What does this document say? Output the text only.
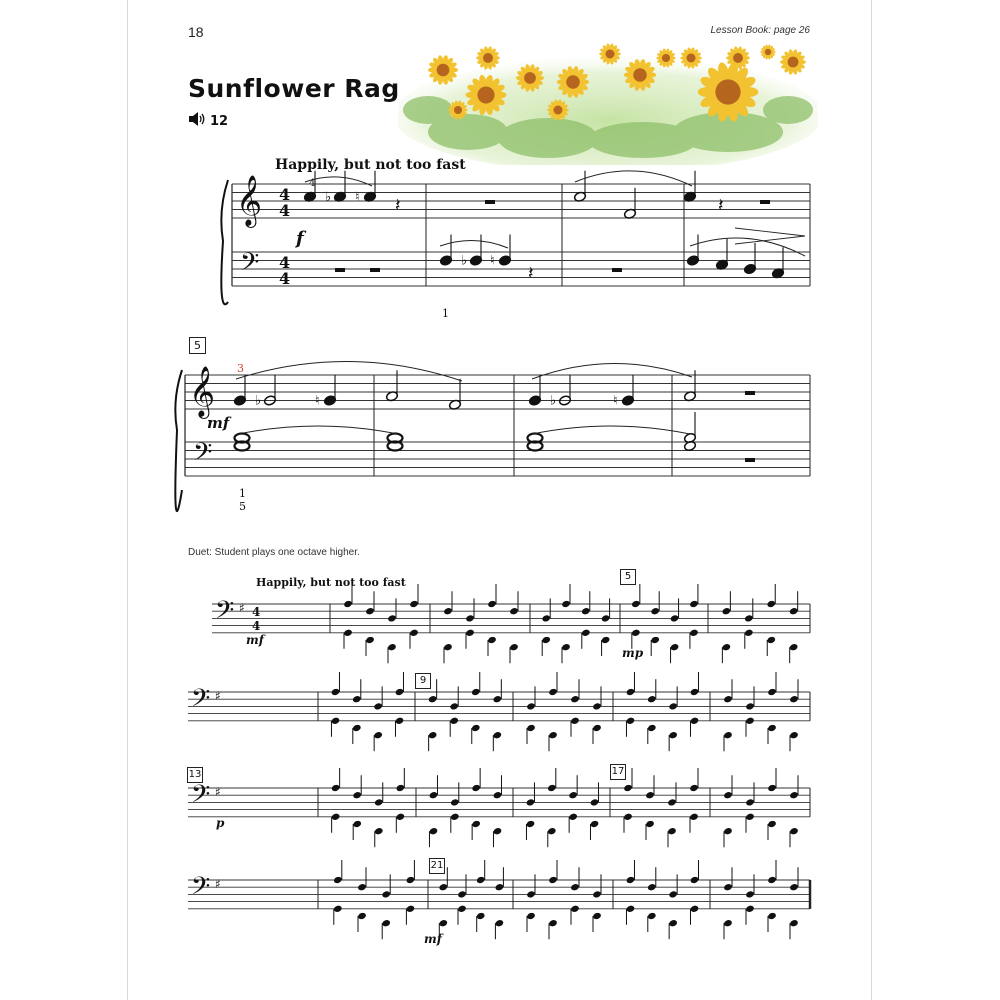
18	Lesson Book: page 26
Sunflower Rag
12
Happily, but not too fast
5
Duet: Student plays one octave higher.
Happily, but not too fast	5
9
13	17
21
f
4
1
mf
3
1
5
mf
mp
p
mf
𝄞
𝄢
4
4
4
4
♭ ♮ 𝄽	𝄽
♭ ♮
𝄽
𝄞
𝄢
♭	♮	♭	♮
𝄢 ♯ 4
4
𝄢 ♯
𝄢 ♯
𝄢 ♯
